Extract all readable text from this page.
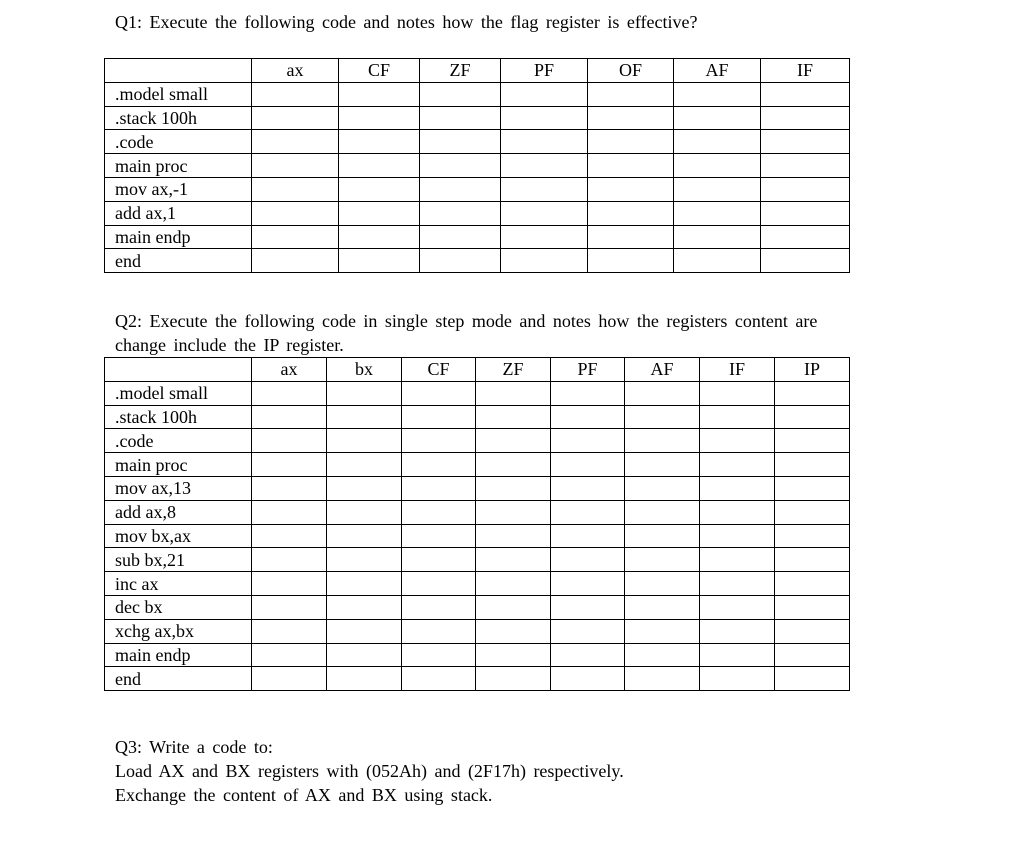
Q1: Execute the following code and notes how the flag register is effective?
	ax	CF	ZF	PF	OF	AF	IF
.model small							
.stack 100h							
.code							
main proc							
mov ax,-1							
add ax,1							
main endp							
end							
Q2: Execute the following code in single step mode and notes how the registers content are
change include the IP register.
	ax	bx	CF	ZF	PF	AF	IF	IP
.model small								
.stack 100h								
.code								
main proc								
mov ax,13								
add ax,8								
mov bx,ax								
sub bx,21								
inc ax								
dec bx								
xchg ax,bx								
main endp								
end								
Q3: Write a code to:
Load AX and BX registers with (052Ah) and (2F17h) respectively.
Exchange the content of AX and BX using stack.
